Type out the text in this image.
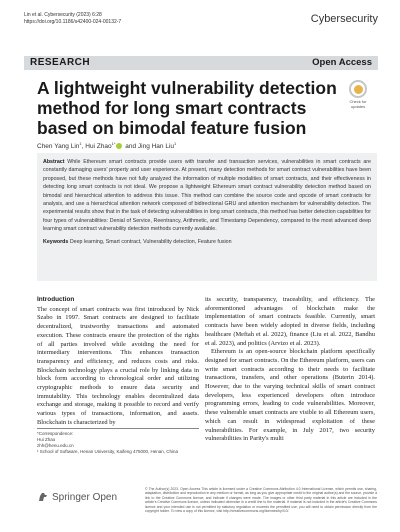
Lin et al. Cybersecurity (2023) 6:28
https://doi.org/10.1186/s42400-024-00132-7	Cybersecurity
RESEARCH	Open Access
A lightweight vulnerability detection method for long smart contracts based on bimodal feature fusion
Check for updates
Chen Yang Lin$^1$, Hui Zhao$^{1*}$ and Jing Han Liu$^1$
Abstract While Ethereum smart contracts provide users with transfer and transaction services, vulnerabilities in smart contracts are constantly damaging users' property and user experience. At present, many detection methods for smart contract vulnerabilities have been proposed, but these methods have not fully analyzed the information of multiple modalities of smart contracts, and their effectiveness in detecting long smart contracts is not ideal. We propose a lightweight Ethereum smart contract vulnerability detection method based on bimodal and hierarchical attention to address this issue. This method can combine the source code and opcode of smart contracts for analysis, and use a hierarchical attention network composed of bidirectional GRU and attention mechanism for vulnerability detection. The experimental results show that in the task of detecting vulnerabilities in long smart contracts, this method has better detection capabilities for four types of vulnerabilities: Denial of Service, Reentrancy, Arithmetic, and Timestamp Dependency, compared to the most advanced deep learning smart contract vulnerability detection methods currently available.
Keywords Deep learning, Smart contract, Vulnerability detection, Feature fusion
Introduction

The concept of smart contracts was first introduced by Nick Szabo in 1997. Smart contracts are designed to facilitate decentralized, trustworthy transactions and automated execution. These contracts ensure the protection of the rights of all parties involved while avoiding the need for intermediary interventions. This enhances transaction transparency and efficiency, and reduces costs and risks. Blockchain technology plays a crucial role by linking data in block form according to chronological order and utilizing cryptographic methods to ensure data security and immutability. This technology enables decentralized data exchange and storage, making it possible to record and verify various types of transactions, information, and assets. Blockchain is characterized by

its security, transparency, traceability, and efficiency. The aforementioned advantages of blockchain make the implementation of smart contracts feasible. Currently, smart contracts have been widely adopted in diverse fields, including healthcare (Meftah et al. 2022), finance (Liu et al. 2022, Bandhu et al. 2023), and politics (Arvizo et al. 2023).

Ethereum is an open-source blockchain platform specifically designed for smart contracts. On the Ethereum platform, users can write smart contracts according to their needs to facilitate transactions, transfers, and other operations (Buterin 2014). However, due to the varying technical skills of smart contract developers, less experienced developers often introduce programming errors, leading to code vulnerabilities. Moreover, these vulnerable smart contracts are visible to all Ethereum users, which can result in widespread exploitation of these vulnerabilities. For example, in July 2017, two security vulnerabilities in Parity's multi

*Correspondence:
Hui Zhao
zhh@henu.edu.cn
¹ School of Software, Henan University, Kaifeng 475000, Henan, China
Springer Open
© The Author(s) 2023. Open Access This article is licensed under a Creative Commons Attribution 4.0 International License, which permits use, sharing, adaptation, distribution and reproduction in any medium or format, as long as you give appropriate credit to the original author(s) and the source, provide a link to the Creative Commons licence, and indicate if changes were made. The images or other third party material in this article are included in the article's Creative Commons licence, unless indicated otherwise in a credit line to the material. If material is not included in the article's Creative Commons licence and your intended use is not permitted by statutory regulation or exceeds the permitted use, you will need to obtain permission directly from the copyright holder. To view a copy of this licence, visit http://creativecommons.org/licenses/by/4.0/.
